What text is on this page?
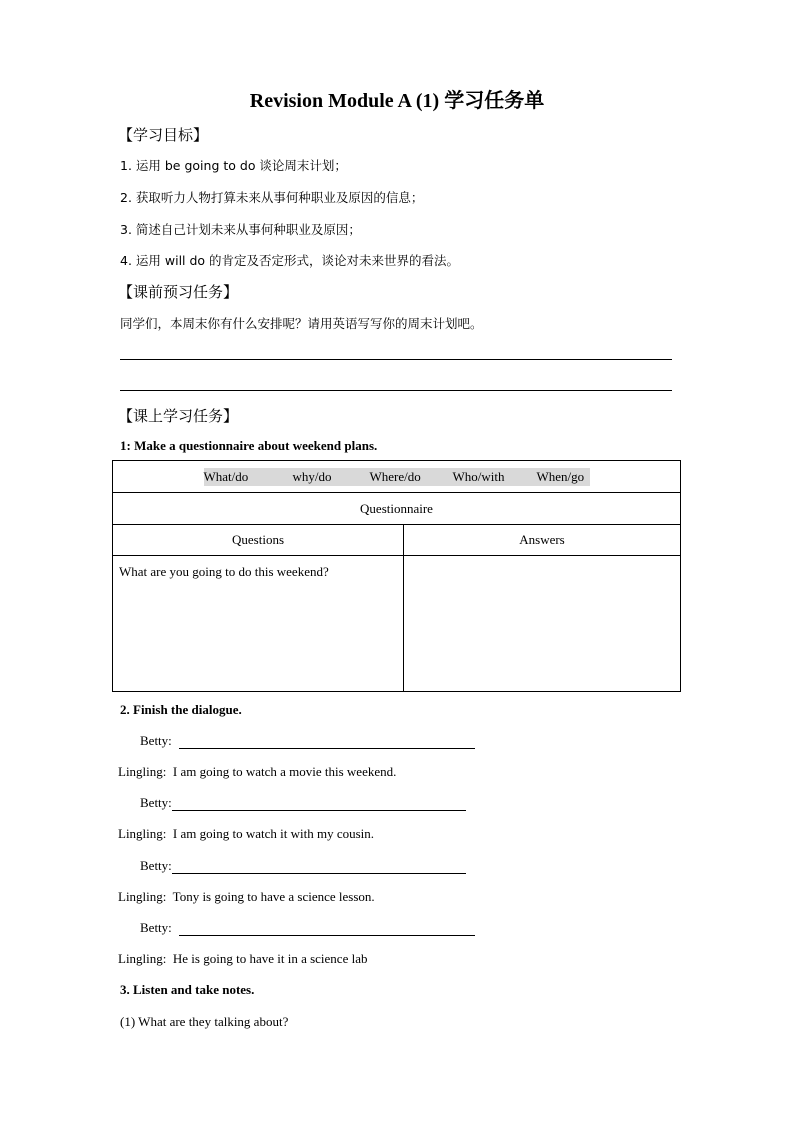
Revision Module A (1) 学习任务单
【学习目标】
1. 运用 be going to do 谈论周末计划；
2. 获取听力人物打算未来从事何种职业及原因的信息；
3. 简述自己计划未来从事何种职业及原因；
4. 运用 will do 的肯定及否定形式，谈论对未来世界的看法。
【课前预习任务】
同学们，本周末你有什么安排呢？请用英语写写你的周末计划吧。
【课上学习任务】
1: Make a questionnaire about weekend plans.
What/do why/do Where/do Who/with When/go	
Questionnaire	
Questions	Answers
What are you going to do this weekend?	
2. Finish the dialogue.
Betty:
Lingling: I am going to watch a movie this weekend.
Betty:
Lingling: I am going to watch it with my cousin.
Betty:
Lingling: Tony is going to have a science lesson.
Betty:
Lingling: He is going to have it in a science lab
3. Listen and take notes.
(1) What are they talking about?
